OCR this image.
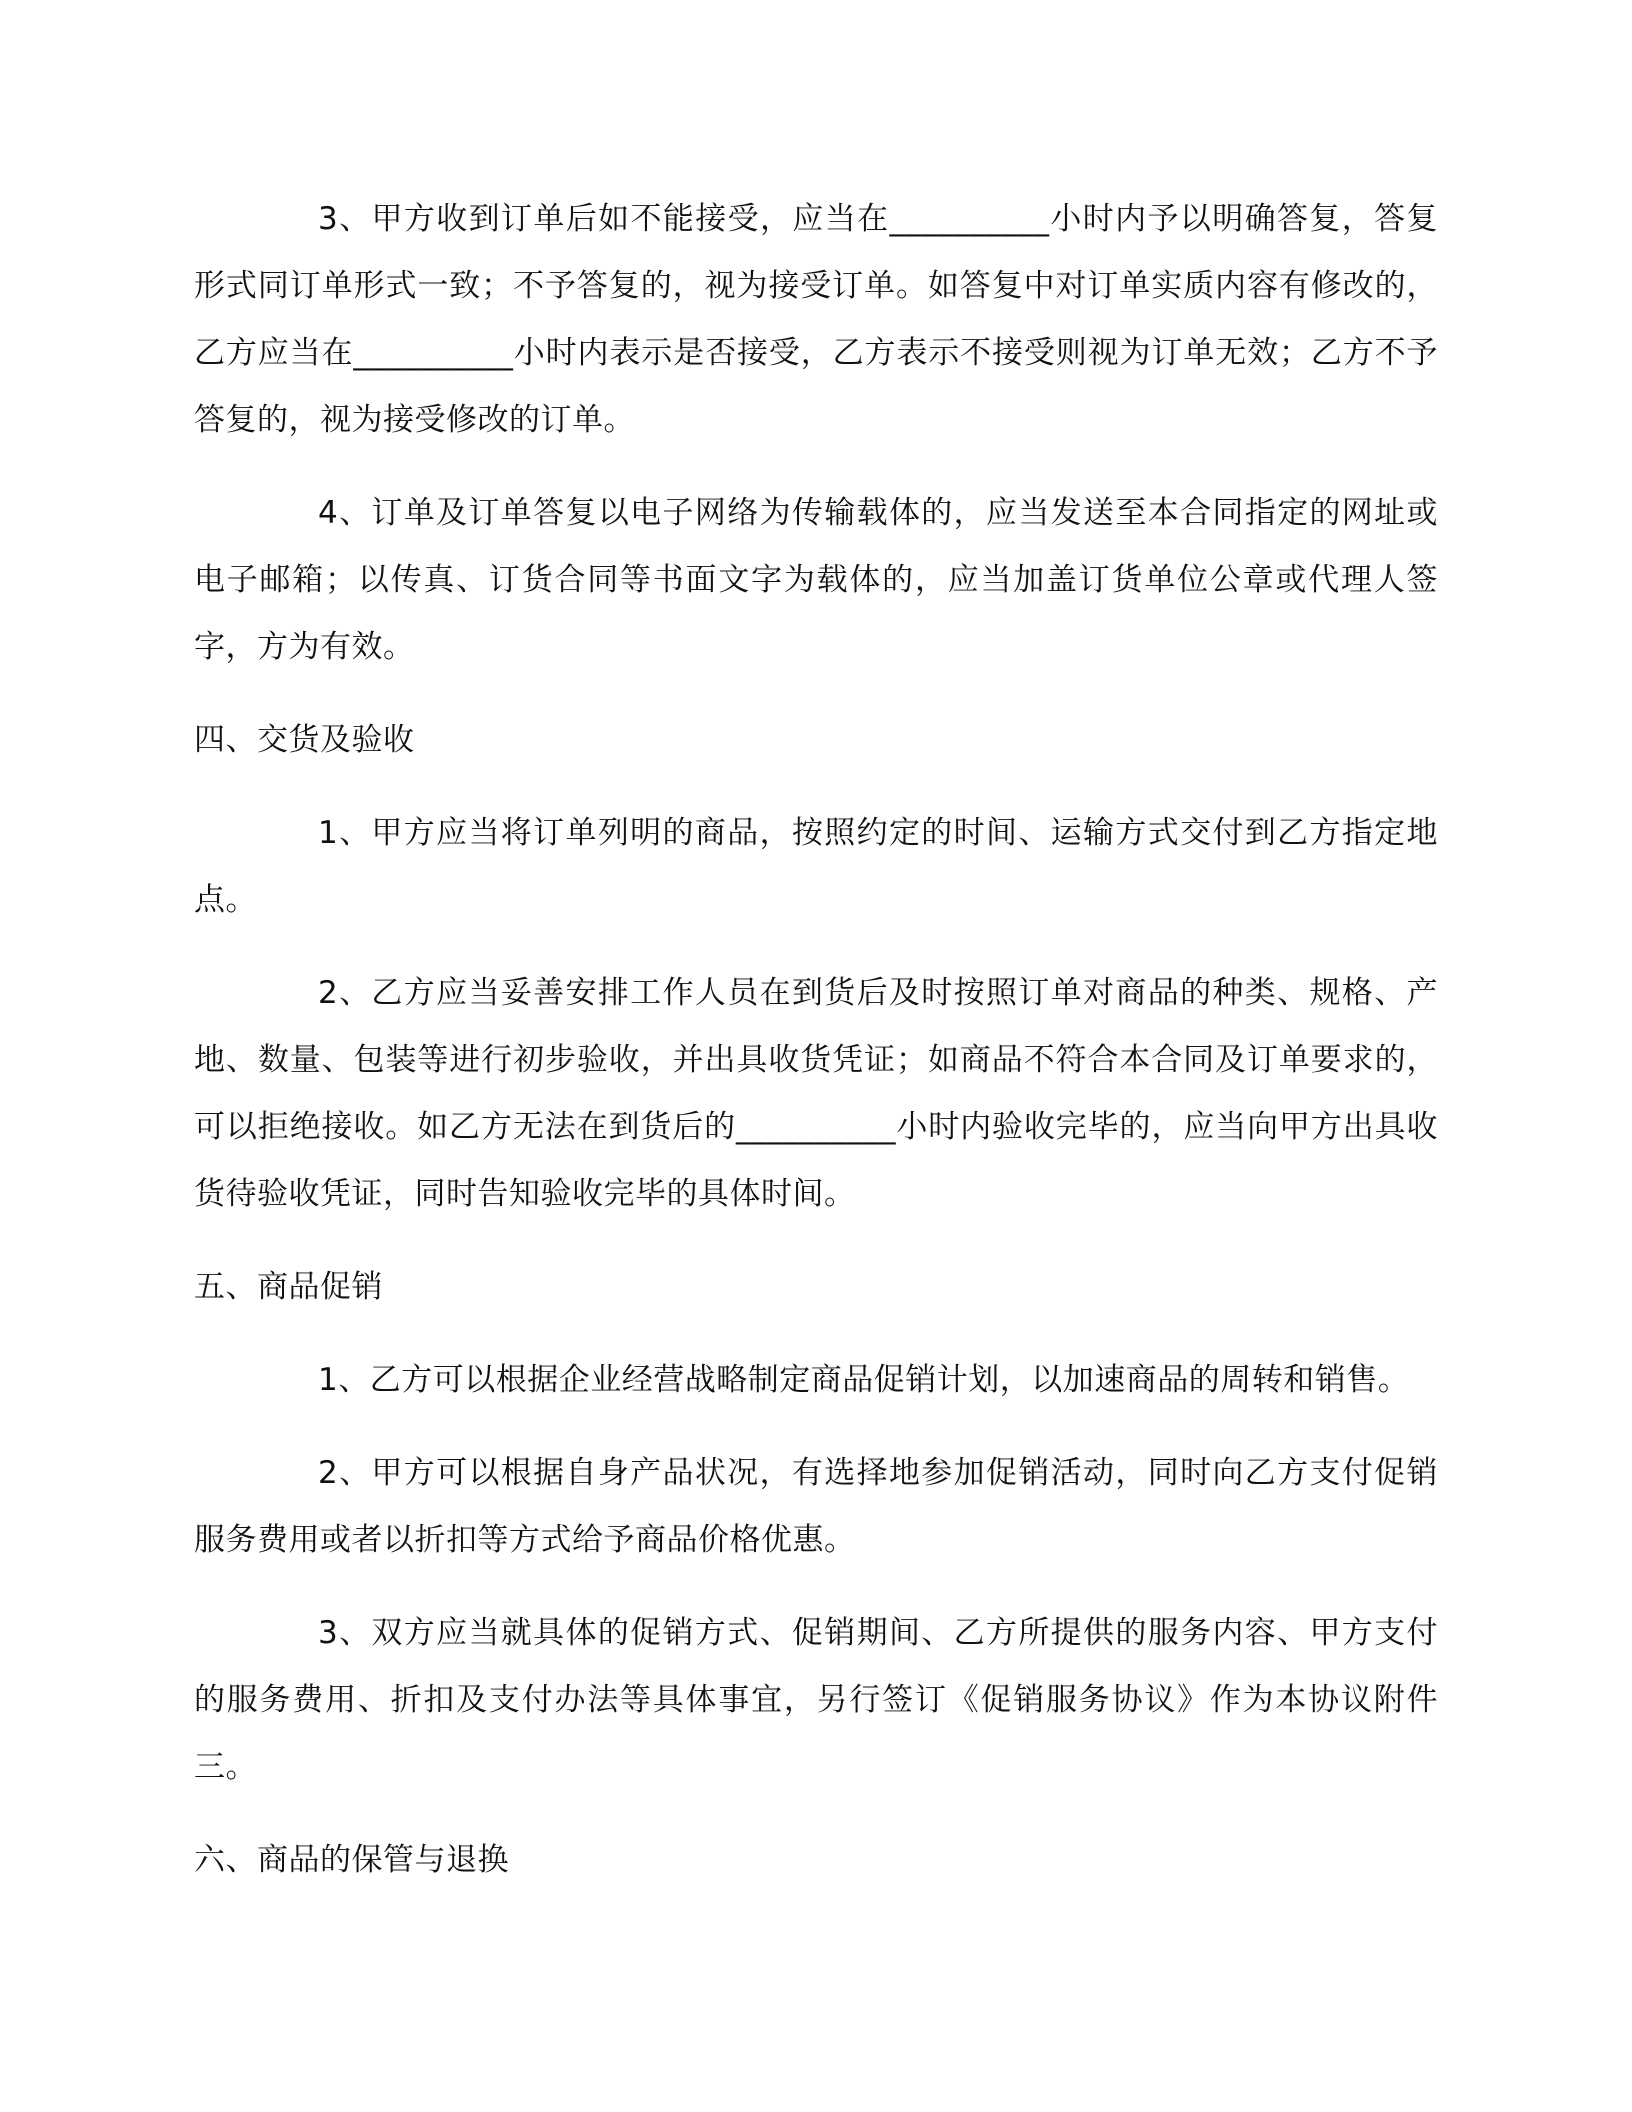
3、甲方收到订单后如不能接受，应当在__________小时内予以明确答复，答复形式同订单形式一致；不予答复的，视为接受订单。如答复中对订单实质内容有修改的，乙方应当在__________小时内表示是否接受，乙方表示不接受则视为订单无效；乙方不予答复的，视为接受修改的订单。

4、订单及订单答复以电子网络为传输载体的，应当发送至本合同指定的网址或电子邮箱；以传真、订货合同等书面文字为载体的，应当加盖订货单位公章或代理人签字，方为有效。

四、交货及验收

1、甲方应当将订单列明的商品，按照约定的时间、运输方式交付到乙方指定地点。

2、乙方应当妥善安排工作人员在到货后及时按照订单对商品的种类、规格、产地、数量、包装等进行初步验收，并出具收货凭证；如商品不符合本合同及订单要求的，可以拒绝接收。如乙方无法在到货后的__________小时内验收完毕的，应当向甲方出具收货待验收凭证，同时告知验收完毕的具体时间。

五、商品促销

1、乙方可以根据企业经营战略制定商品促销计划，以加速商品的周转和销售。

2、甲方可以根据自身产品状况，有选择地参加促销活动，同时向乙方支付促销服务费用或者以折扣等方式给予商品价格优惠。

3、双方应当就具体的促销方式、促销期间、乙方所提供的服务内容、甲方支付的服务费用、折扣及支付办法等具体事宜，另行签订《促销服务协议》作为本协议附件三。

六、商品的保管与退换
